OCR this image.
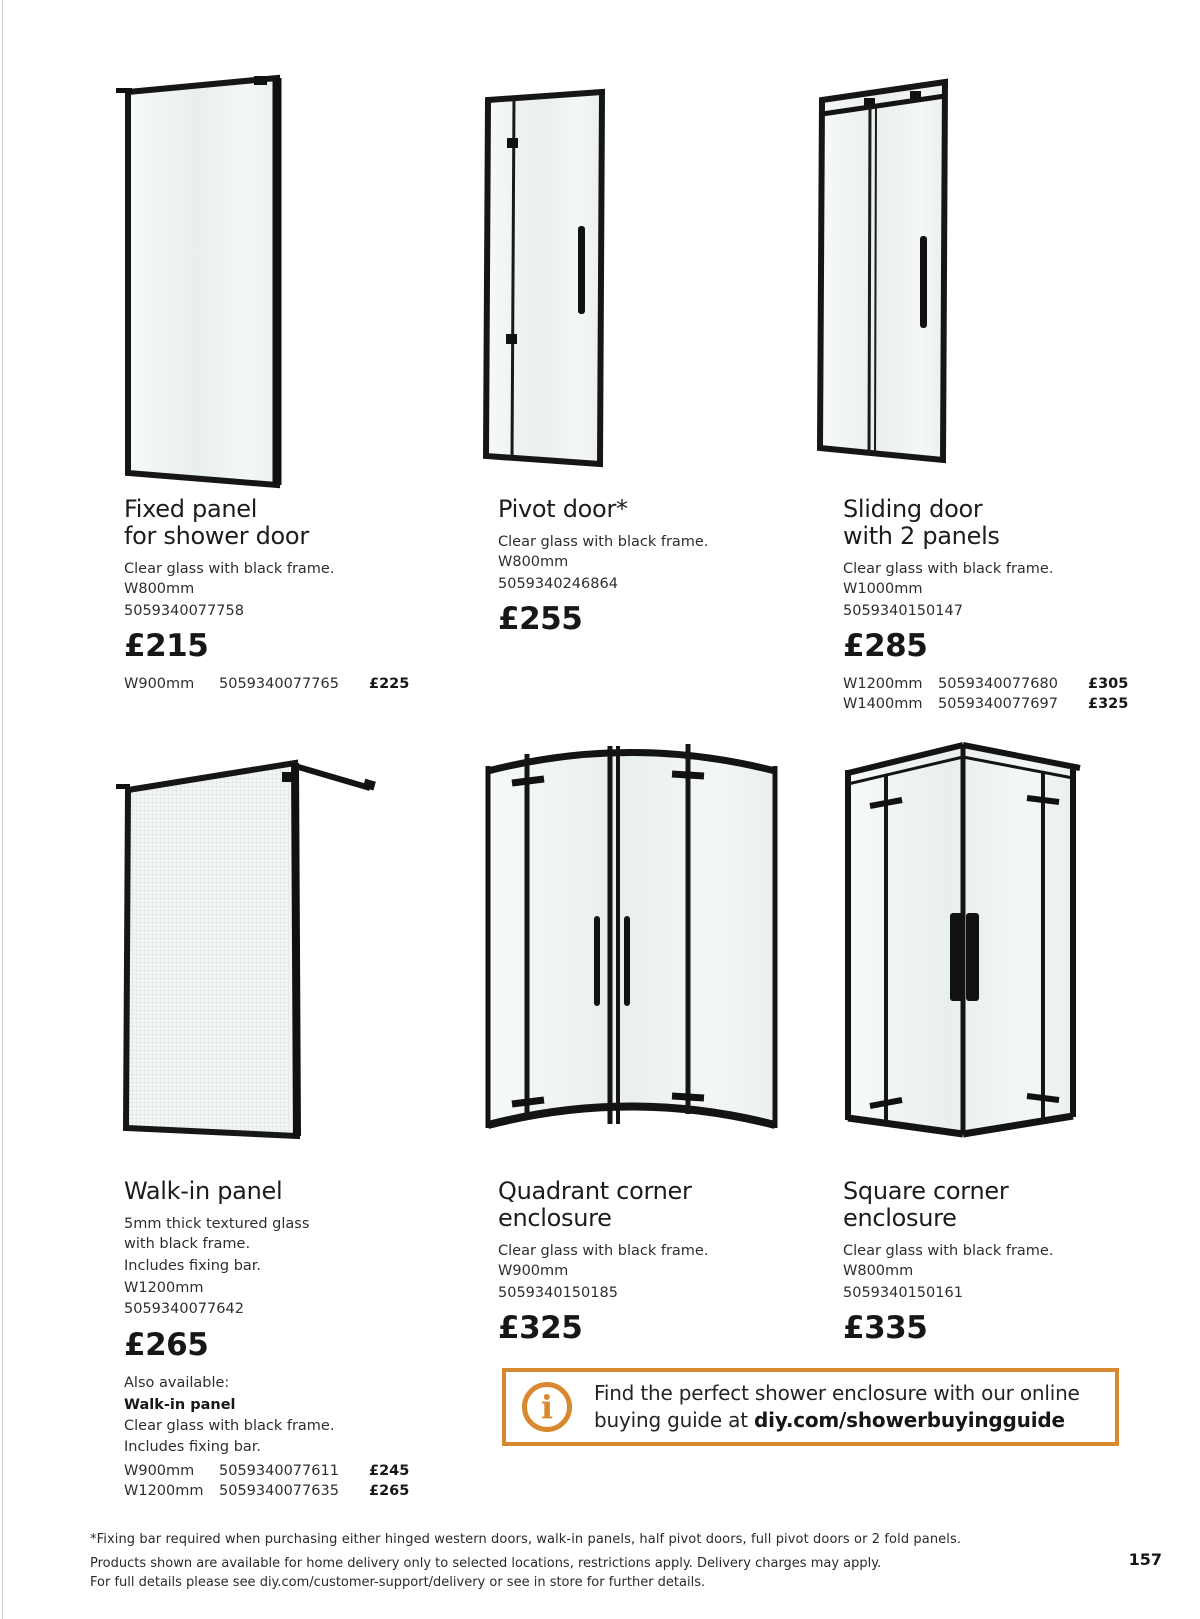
Fixed panel
for shower door
Clear glass with black frame.
W800mm
5059340077758
£215
W900mm	5059340077765	£225
Pivot door*
Clear glass with black frame.
W800mm
5059340246864
£255
Sliding door
with 2 panels
Clear glass with black frame.
W1000mm
5059340150147
£285
W1200mm	5059340077680	£305
W1400mm	5059340077697	£325
Walk-in panel
5mm thick textured glass
with black frame.
Includes fixing bar.
W1200mm
5059340077642
£265
Also available:
Walk-in panel
Clear glass with black frame.
Includes fixing bar.
W900mm	5059340077611	£245
W1200mm	5059340077635	£265
Quadrant corner
enclosure
Clear glass with black frame.
W900mm
5059340150185
£325
Square corner
enclosure
Clear glass with black frame.
W800mm
5059340150161
£335
i	Find the perfect shower enclosure with our online buying guide at diy.com/showerbuyingguide
*Fixing bar required when purchasing either hinged western doors, walk-in panels, half pivot doors, full pivot doors or 2 fold panels.
Products shown are available for home delivery only to selected locations, restrictions apply. Delivery charges may apply.
For full details please see diy.com/customer-support/delivery or see in store for further details.
157
